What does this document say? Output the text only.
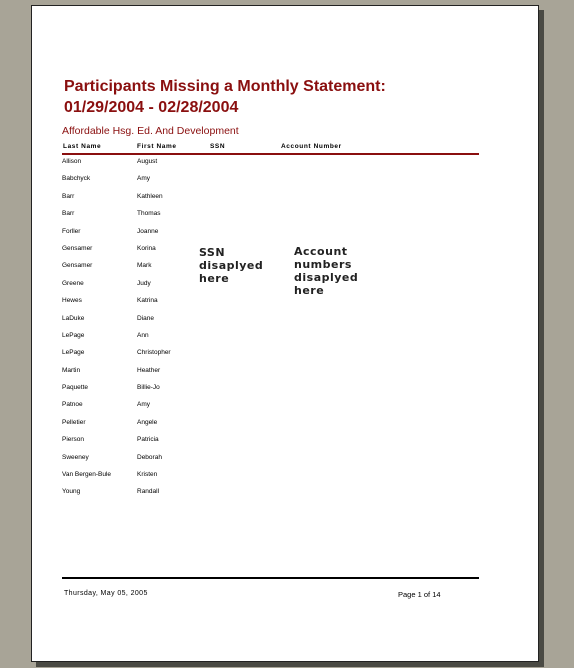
Participants Missing a Monthly Statement:
01/29/2004 - 02/28/2004
Affordable Hsg. Ed. And Development
Last Name	First Name	SSN	Account Number
Allison	August
Babchyck	Amy
Barr	Kathleen
Barr	Thomas
Forller	Joanne
Gensamer	Korina
Gensamer	Mark
Greene	Judy
Hewes	Katrina
LaDuke	Diane
LePage	Ann
LePage	Christopher
Martin	Heather
Paquette	Billie-Jo
Patnoe	Amy
Pelletier	Angele
Pierson	Patricia
Sweeney	Deborah
Van Bergen-Bule	Kristen
Young	Randall
SSN
disaplyed
here
Account
numbers
disaplyed
here
Thursday, May 05, 2005	Page 1 of 14
